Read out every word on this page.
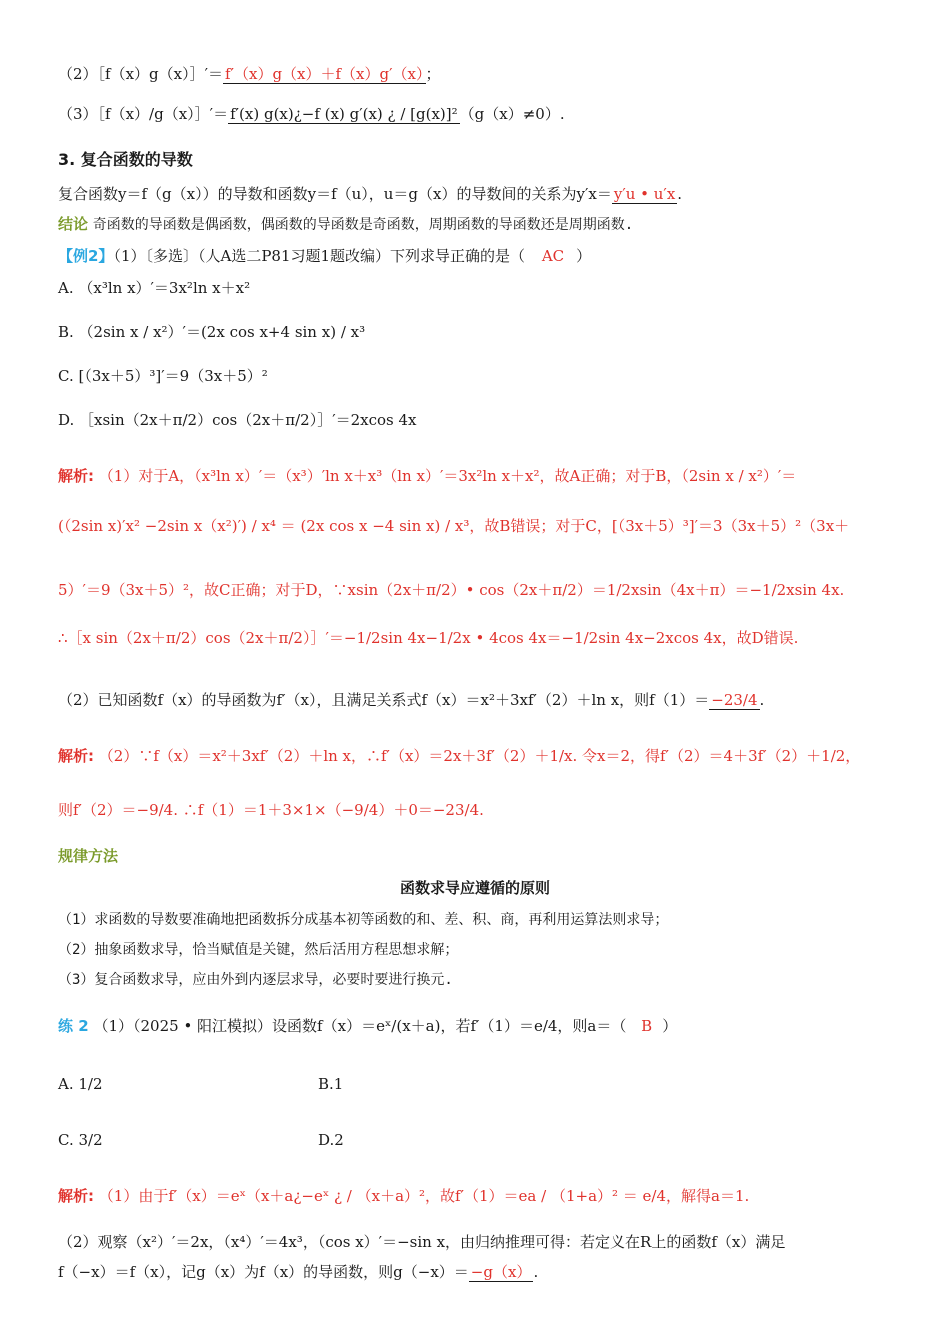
（2）［f（x）g（x）］′＝ f′（x）g（x）＋f（x）g′（x） ；
（3）［f（x）/g（x）］′＝ f′(x) g(x)¿−f (x) g′(x) ¿ / [g(x)]² （g（x）≠0）.
3. 复合函数的导数
复合函数y＝f（g（x））的导数和函数y＝f（u），u＝g（x）的导数间的关系为y′x＝ y′u • u′x .
结论 奇函数的导函数是偶函数，偶函数的导函数是奇函数，周期函数的导函数还是周期函数.
【例2】（1）〔多选〕（人A选二P81习题1题改编）下列求导正确的是（ AC ）
A. （x³ln x）′＝3x²ln x＋x²
B. （2sin x / x²）′＝(2x cos x+4 sin x) / x³
C. [（3x＋5）³]′＝9（3x＋5）²
D. ［xsin（2x＋π/2）cos（2x＋π/2）］′＝2xcos 4x
解析: （1）对于A，（x³ln x）′＝（x³）′ln x＋x³（ln x）′＝3x²ln x＋x²，故A正确；对于B，（2sin x / x²）′＝
(（2sin x)′x² −2sin x（x²)′) / x⁴ ＝ (2x cos x −4 sin x) / x³，故B错误；对于C，[（3x＋5）³]′＝3（3x＋5）²（3x＋
5）′＝9（3x＋5）²，故C正确；对于D，∵xsin（2x＋π/2）• cos（2x＋π/2）＝1/2xsin（4x＋π）＝−1/2xsin 4x.
∴［x sin（2x＋π/2）cos（2x＋π/2）］′＝−1/2sin 4x−1/2x • 4cos 4x＝−1/2sin 4x−2xcos 4x，故D错误.
（2）已知函数f（x）的导函数为f′（x），且满足关系式f（x）＝x²＋3xf′（2）＋ln x，则f（1）＝ −23/4 .
解析: （2）∵f（x）＝x²＋3xf′（2）＋ln x，∴f′（x）＝2x＋3f′（2）＋1/x. 令x＝2，得f′（2）＝4＋3f′（2）＋1/2，
则f′（2）＝−9/4. ∴f（1）＝1＋3×1×（−9/4）＋0＝−23/4.
规律方法
函数求导应遵循的原则
（1）求函数的导数要准确地把函数拆分成基本初等函数的和、差、积、商，再利用运算法则求导；
（2）抽象函数求导，恰当赋值是关键，然后活用方程思想求解；
（3）复合函数求导，应由外到内逐层求导，必要时要进行换元.
练 2 （1）（2025 • 阳江模拟）设函数f（x）＝eˣ/(x＋a)，若f′（1）＝e/4，则a＝（ B ）
A. 1/2	B.1
C. 3/2	D.2
解析: （1）由于f′（x）＝eˣ（x＋a¿−eˣ ¿ / （x＋a）²，故f′（1）＝ea / （1+a）² ＝ e/4，解得a＝1.
（2）观察（x²）′＝2x，（x⁴）′＝4x³，（cos x）′＝−sin x，由归纳推理可得：若定义在R上的函数f（x）满足
f（−x）＝f（x），记g（x）为f（x）的导函数，则g（−x）＝ −g（x） .
